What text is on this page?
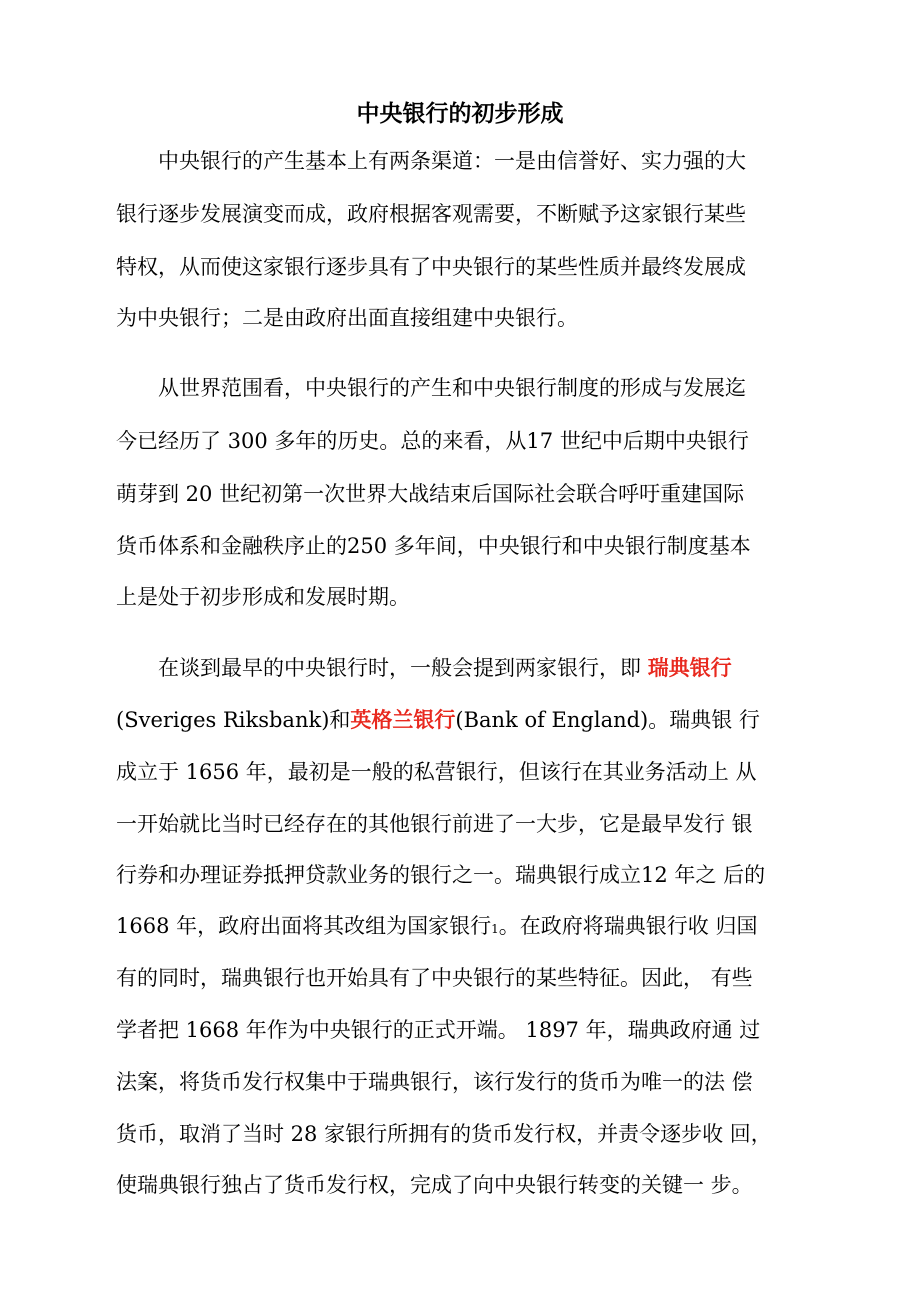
中央银行的初步形成

中央银行的产生基本上有两条渠道：一是由信誉好、实力强的大

银行逐步发展演变而成，政府根据客观需要，不断赋予这家银行某些

特权，从而使这家银行逐步具有了中央银行的某些性质并最终发展成

为中央银行；二是由政府出面直接组建中央银行。

从世界范围看，中央银行的产生和中央银行制度的形成与发展迄

今已经历了 300 多年的历史。总的来看，从17 世纪中后期中央银行

萌芽到 20 世纪初第一次世界大战结束后国际社会联合呼吁重建国际

货币体系和金融秩序止的250 多年间，中央银行和中央银行制度基本

上是处于初步形成和发展时期。

在谈到最早的中央银行时，一般会提到两家银行，即 瑞典银行

(Sveriges Riksbank)和英格兰银行(Bank of England)。瑞典银 行

成立于 1656 年，最初是一般的私营银行，但该行在其业务活动上 从

一开始就比当时已经存在的其他银行前进了一大步，它是最早发行 银

行券和办理证券抵押贷款业务的银行之一。瑞典银行成立12 年之 后的

1668 年，政府出面将其改组为国家银行1。在政府将瑞典银行收 归国

有的同时，瑞典银行也开始具有了中央银行的某些特征。因此， 有些

学者把 1668 年作为中央银行的正式开端。 1897 年，瑞典政府通 过

法案，将货币发行权集中于瑞典银行，该行发行的货币为唯一的法 偿

货币，取消了当时 28 家银行所拥有的货币发行权，并责令逐步收 回，

使瑞典银行独占了货币发行权，完成了向中央银行转变的关键一 步。
